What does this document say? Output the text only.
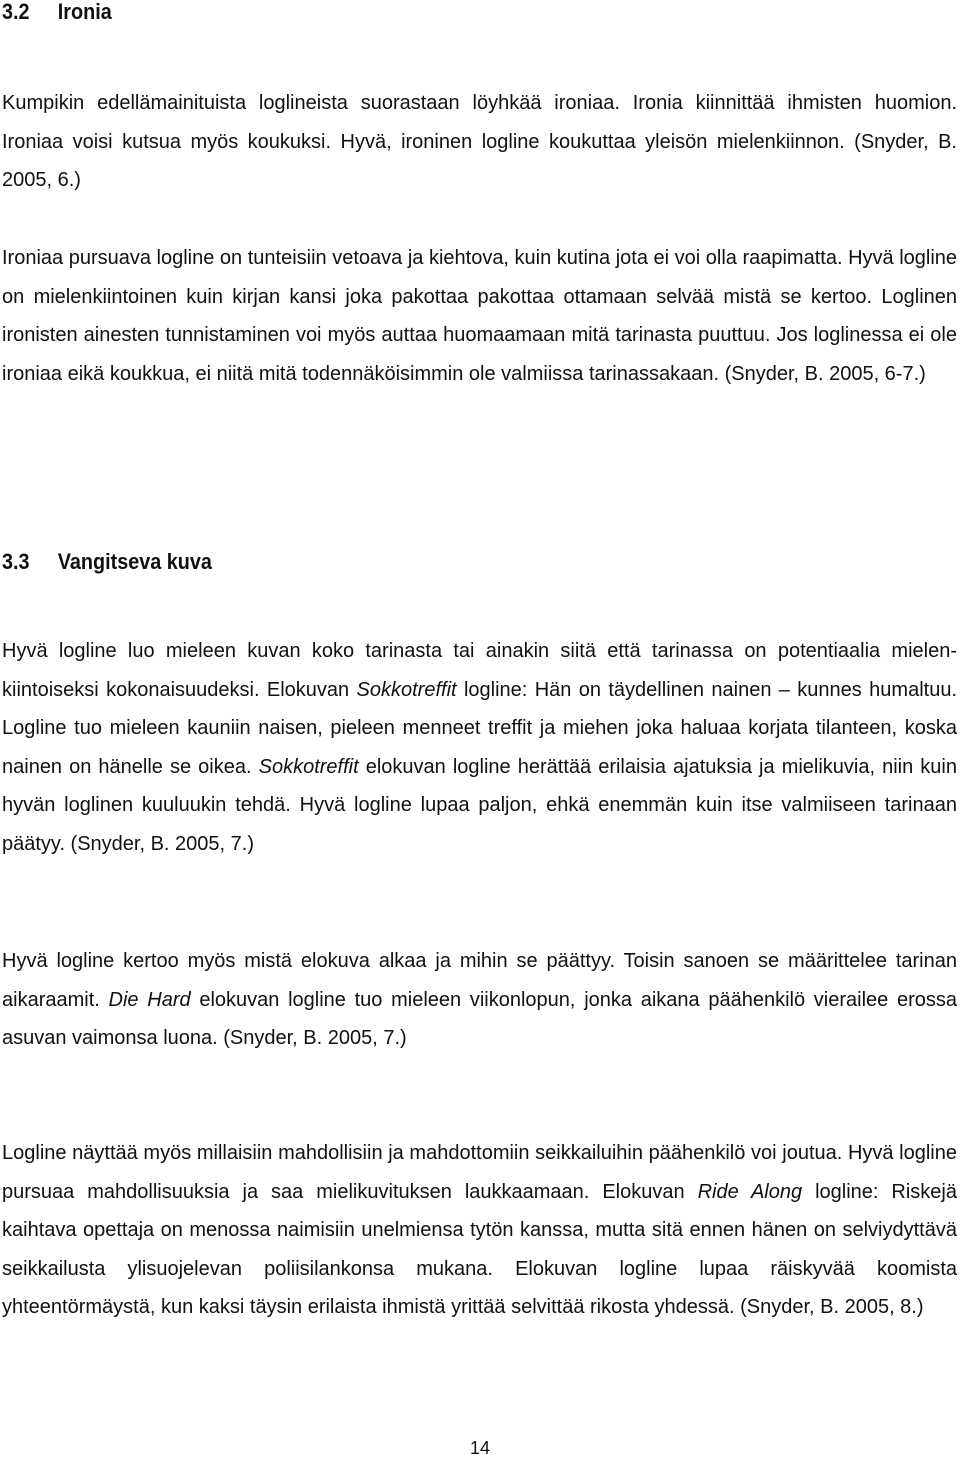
3.2 Ironia

Kumpikin edellämainituista loglineista suorastaan löyhkää ironiaa. Ironia kiinnittää ihmisten huomion. Ironiaa voisi kutsua myös koukuksi. Hyvä, ironinen logline koukuttaa yleisön mielenkiinnon. (Snyder, B. 2005, 6.)

Ironiaa pursuava logline on tunteisiin vetoava ja kiehtova, kuin kutina jota ei voi olla raapimatta. Hyvä logline on mielenkiintoinen kuin kirjan kansi joka pakottaa pakottaa ottamaan selvää mistä se kertoo. Loglinen ironisten ainesten tunnistaminen voi myös auttaa huomaamaan mitä tarinasta puuttuu. Jos loglinessa ei ole ironiaa eikä koukkua, ei niitä mitä todennäköisimmin ole valmiissa tarinassakaan. (Snyder, B. 2005, 6-7.)

3.3 Vangitseva kuva

Hyvä logline luo mieleen kuvan koko tarinasta tai ainakin siitä että tarinassa on potentiaalia mielenkiintoiseksi kokonaisuudeksi. Elokuvan Sokkotreffit logline: Hän on täydellinen nainen – kunnes humaltuu. Logline tuo mieleen kauniin naisen, pieleen menneet treffit ja miehen joka haluaa korjata tilanteen, koska nainen on hänelle se oikea. Sokkotreffit elokuvan logline herättää erilaisia ajatuksia ja mielikuvia, niin kuin hyvän loglinen kuuluukin tehdä. Hyvä logline lupaa paljon, ehkä enemmän kuin itse valmiiseen tarinaan päätyy. (Snyder, B. 2005, 7.)

Hyvä logline kertoo myös mistä elokuva alkaa ja mihin se päättyy. Toisin sanoen se määrittelee tarinan aikaraamit. Die Hard elokuvan logline tuo mieleen viikonlopun, jonka aikana päähenkilö vierailee erossa asuvan vaimonsa luona. (Snyder, B. 2005, 7.)

Logline näyttää myös millaisiin mahdollisiin ja mahdottomiin seikkailuihin päähenkilö voi joutua. Hyvä logline pursuaa mahdollisuuksia ja saa mielikuvituksen laukkaamaan. Elokuvan Ride Along logline: Riskejä kaihtava opettaja on menossa naimisiin unelmiensa tytön kanssa, mutta sitä ennen hänen on selviydyttävä seikkailusta ylisuojelevan poliisilankonsa mukana. Elokuvan logline lupaa räiskyvää koomista yhteentörmäystä, kun kaksi täysin erilaista ihmistä yrittää selvittää rikosta yhdessä. (Snyder, B. 2005, 8.)

14
